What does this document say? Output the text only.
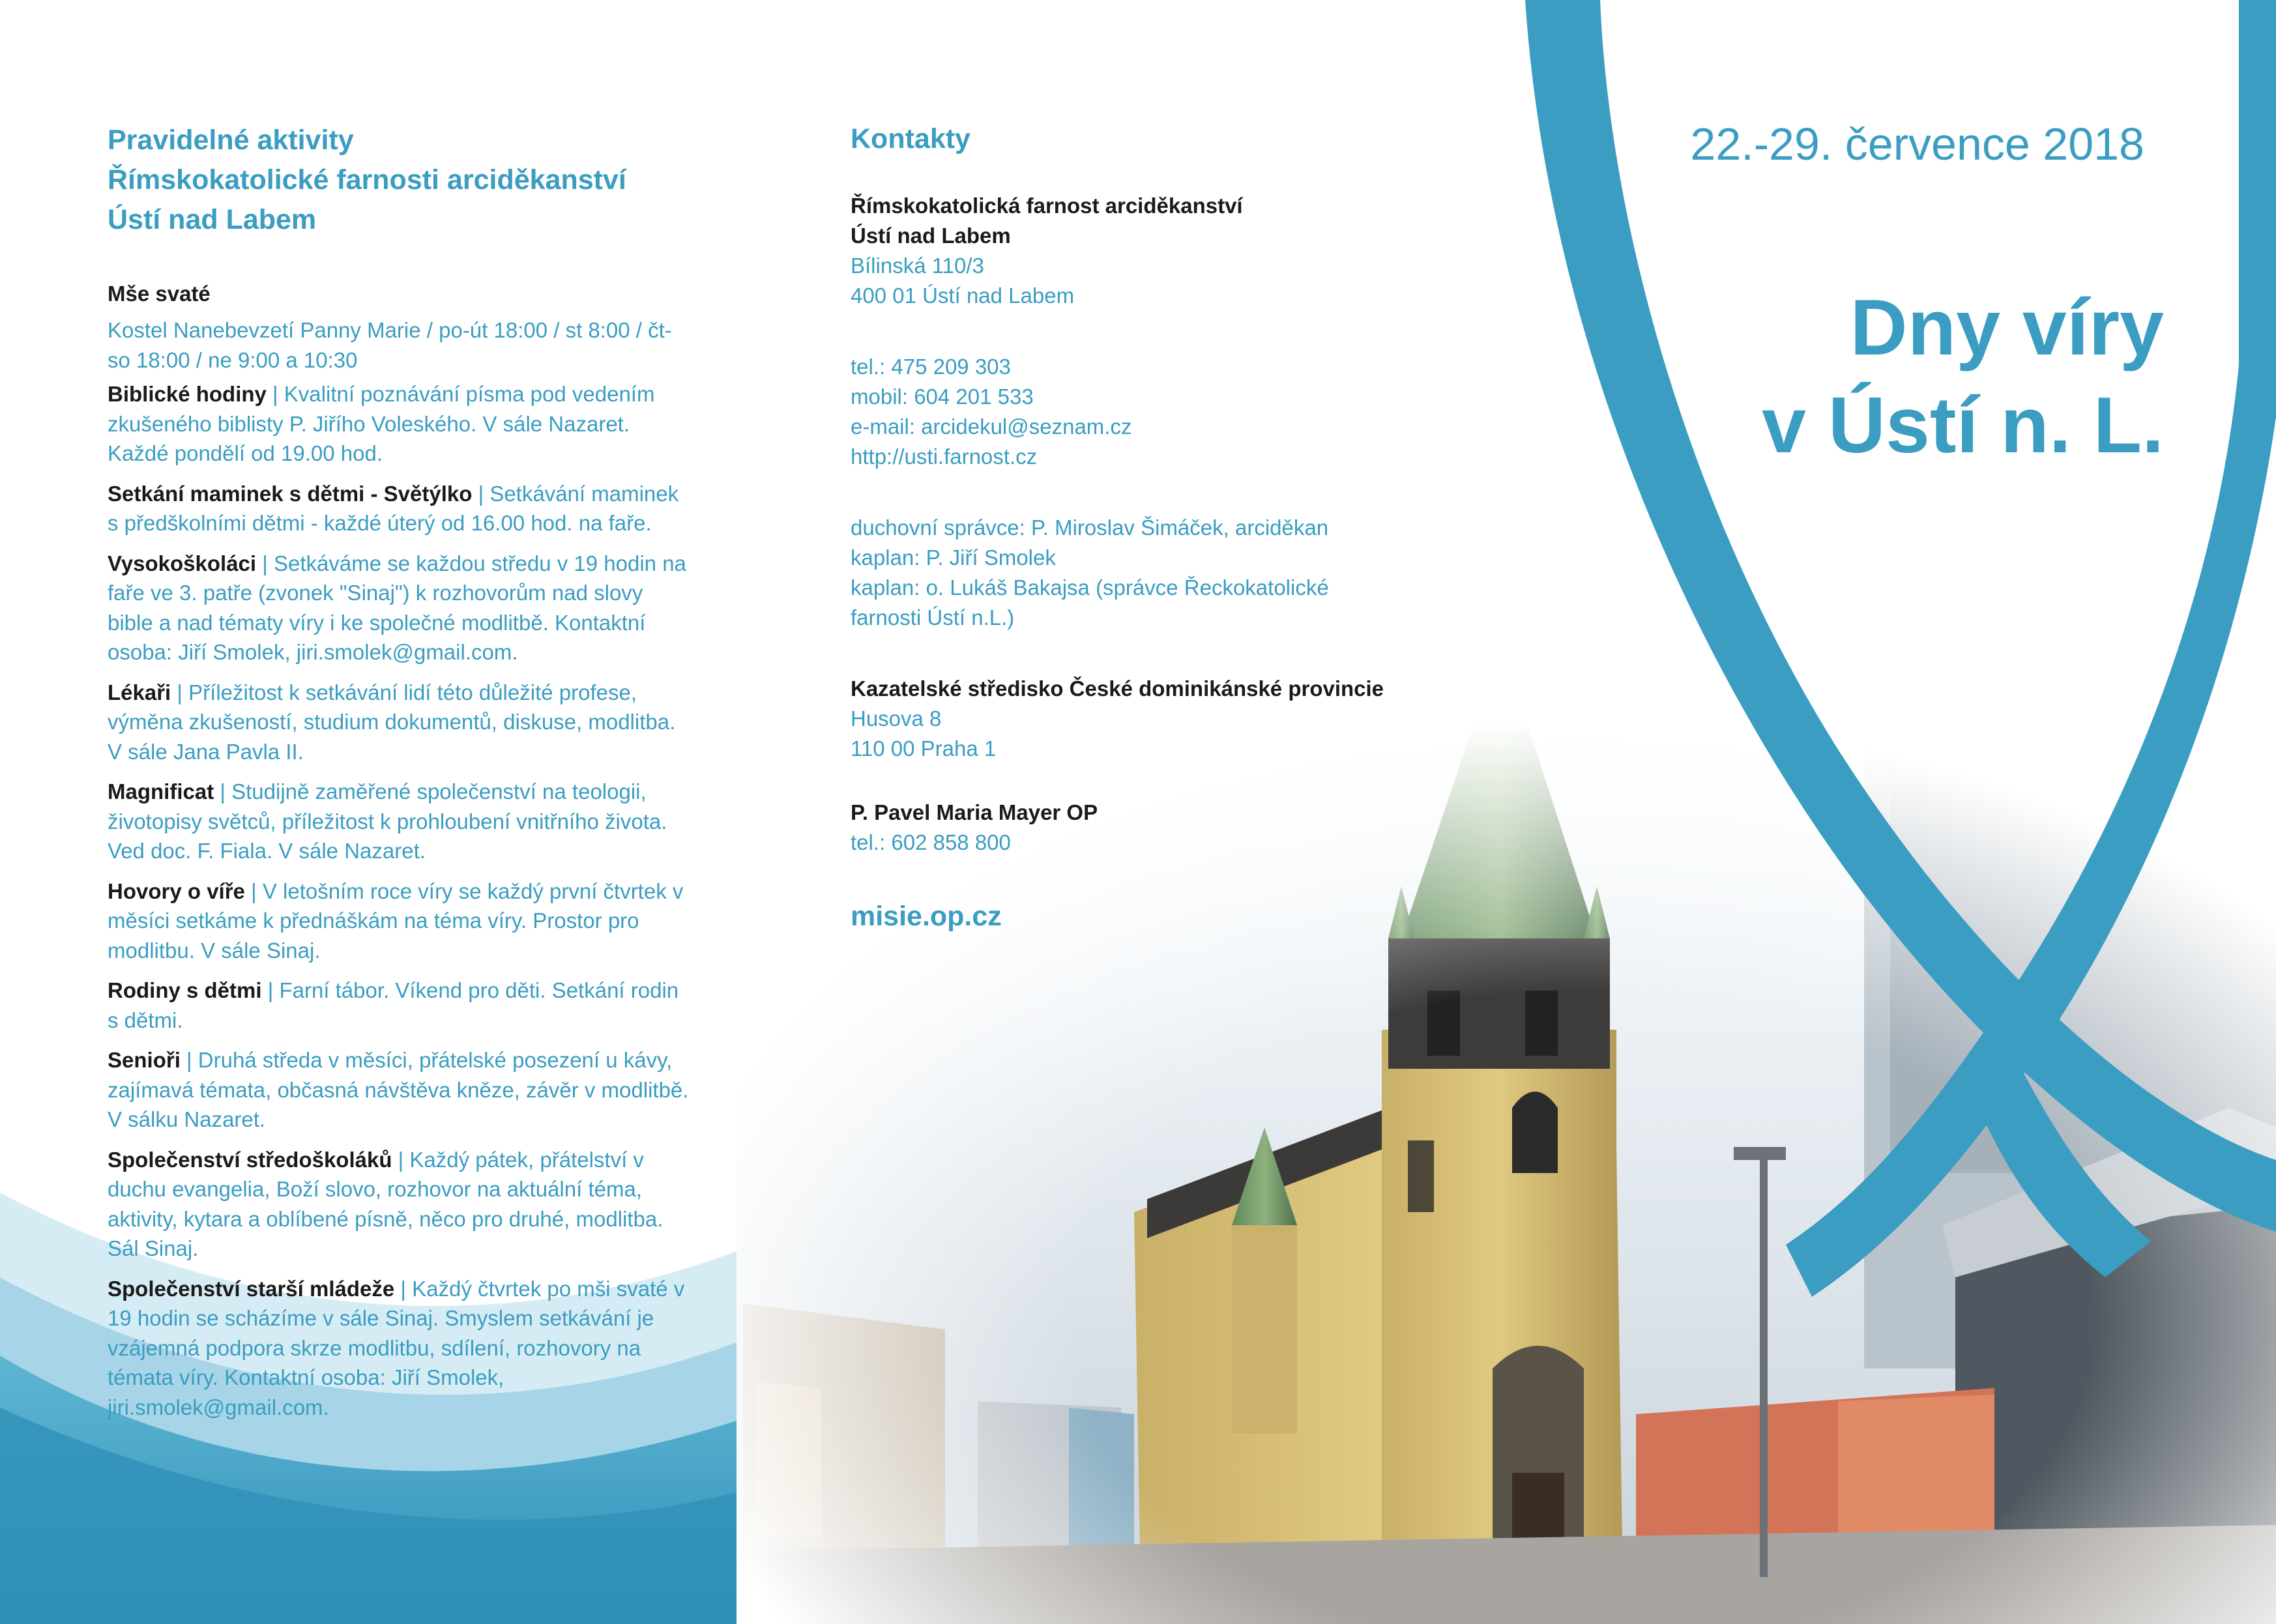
Pravidelné aktivity
Římskokatolické farnosti arciděkanství
Ústí nad Labem
Mše svaté
Kostel Nanebevzetí Panny Marie / po-út 18:00 / st 8:00 / čt-so 18:00 / ne 9:00 a 10:30
Biblické hodiny | Kvalitní poznávání písma pod vedením zkušeného biblisty P. Jiřího Voleského. V sále Nazaret. Každé pondělí od 19.00 hod.
Setkání maminek s dětmi - Světýlko | Setkávání maminek s předškolními dětmi - každé úterý od 16.00 hod. na faře.
Vysokoškoláci | Setkáváme se každou středu v 19 hodin na faře ve 3. patře (zvonek "Sinaj") k rozhovorům nad slovy bible a nad tématy víry i ke společné modlitbě. Kontaktní osoba: Jiří Smolek, jiri.smolek@gmail.com.
Lékaři | Příležitost k setkávání lidí této důležité profese, výměna zkušeností, studium dokumentů, diskuse, modlitba. V sále Jana Pavla II.
Magnificat | Studijně zaměřené společenství na teologii, životopisy světců, příležitost k prohloubení vnitřního života. Ved doc. F. Fiala. V sále Nazaret.
Hovory o víře | V letošním roce víry se každý první čtvrtek v měsíci setkáme k přednáškám na téma víry. Prostor pro modlitbu. V sále Sinaj.
Rodiny s dětmi | Farní tábor. Víkend pro děti. Setkání rodin s dětmi.
Senioři | Druhá středa v měsíci, přátelské posezení u kávy, zajímavá témata, občasná návštěva kněze, závěr v modlitbě. V sálku Nazaret.
Společenství středoškoláků | Každý pátek, přátelství v duchu evangelia, Boží slovo, rozhovor na aktuální téma, aktivity, kytara a oblíbené písně, něco pro druhé, modlitba. Sál Sinaj.
Společenství starší mládeže | Každý čtvrtek po mši svaté v 19 hodin se scházíme v sále Sinaj. Smyslem setkávání je vzájemná podpora skrze modlitbu, sdílení, rozhovory na témata víry. Kontaktní osoba: Jiří Smolek, jiri.smolek@gmail.com.
Kontakty
Římskokatolická farnost arciděkanství
Ústí nad Labem
Bílinská 110/3
400 01 Ústí nad Labem
tel.: 475 209 303
mobil: 604 201 533
e-mail: arcidekul@seznam.cz
http://usti.farnost.cz
duchovní správce: P. Miroslav Šimáček, arciděkan
kaplan: P. Jiří Smolek
kaplan: o. Lukáš Bakajsa (správce Řeckokatolické
farnosti Ústí n.L.)
Kazatelské středisko České dominikánské provincie
Husova 8
110 00 Praha 1
P. Pavel Maria Mayer OP
tel.: 602 858 800
misie.op.cz
22.-29. července 2018
Dny víry
v Ústí n. L.
